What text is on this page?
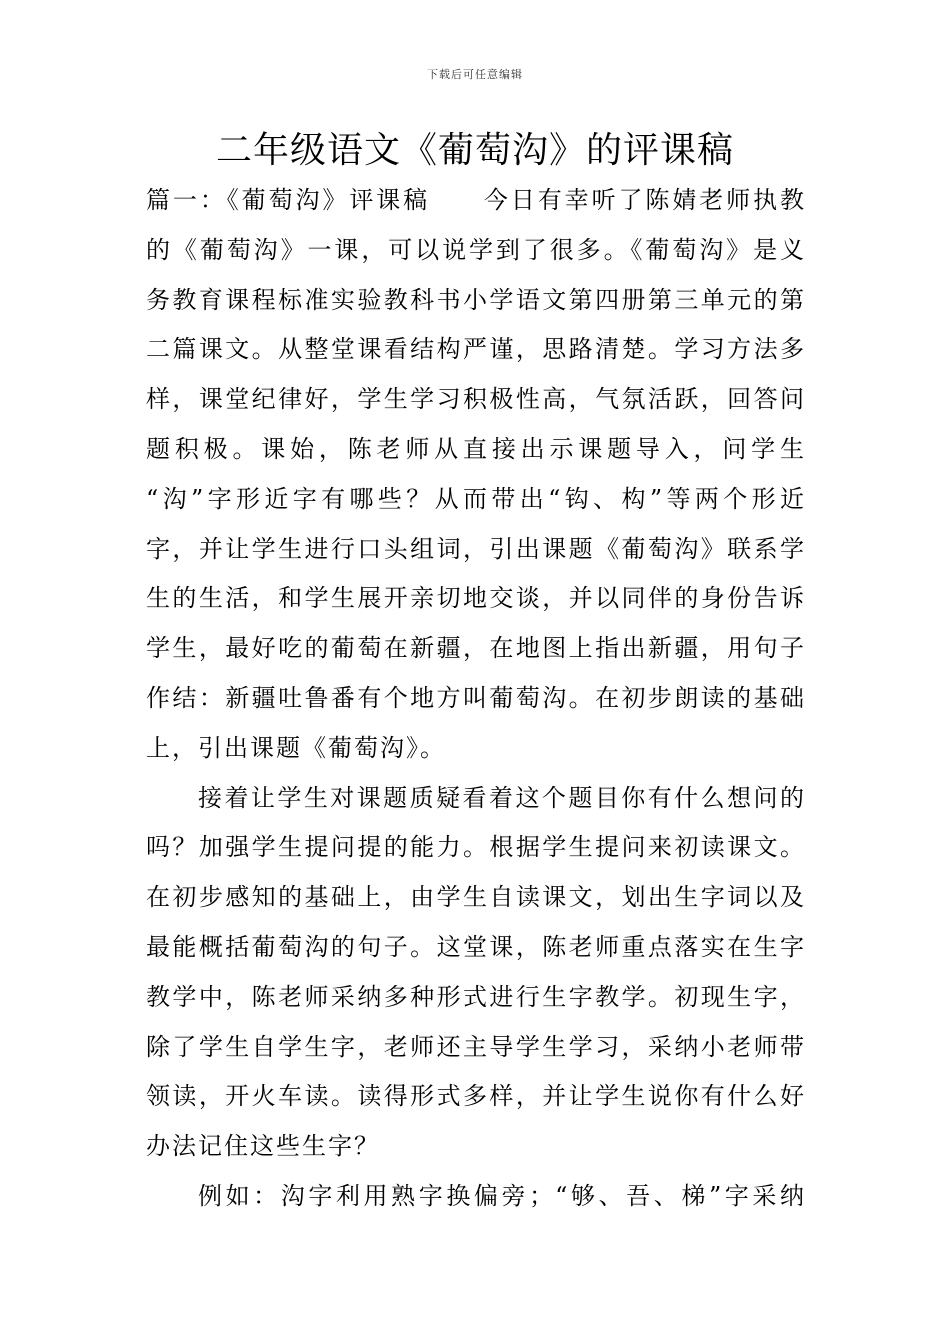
下载后可任意编辑
二年级语文《葡萄沟》的评课稿

篇一：《葡萄沟》评课稿　　今日有幸听了陈婧老师执教
的《葡萄沟》一课，可以说学到了很多。《葡萄沟》是义
务教育课程标准实验教科书小学语文第四册第三单元的第
二篇课文。从整堂课看结构严谨，思路清楚。学习方法多
样，课堂纪律好，学生学习积极性高，气氛活跃，回答问
题积极。课始，陈老师从直接出示课题导入，问学生
“沟”字形近字有哪些？从而带出“钩、构”等两个形近
字，并让学生进行口头组词，引出课题《葡萄沟》联系学
生的生活，和学生展开亲切地交谈，并以同伴的身份告诉
学生，最好吃的葡萄在新疆，在地图上指出新疆，用句子
作结：新疆吐鲁番有个地方叫葡萄沟。在初步朗读的基础
上，引出课题《葡萄沟》。

接着让学生对课题质疑看着这个题目你有什么想问的
吗？加强学生提问提的能力。根据学生提问来初读课文。
在初步感知的基础上，由学生自读课文，划出生字词以及
最能概括葡萄沟的句子。这堂课，陈老师重点落实在生字
教学中，陈老师采纳多种形式进行生字教学。初现生字，
除了学生自学生字，老师还主导学生学习，采纳小老师带
领读，开火车读。读得形式多样，并让学生说你有什么好
办法记住这些生字？

例如：沟字利用熟字换偏旁；“够、吾、梯”字采纳
